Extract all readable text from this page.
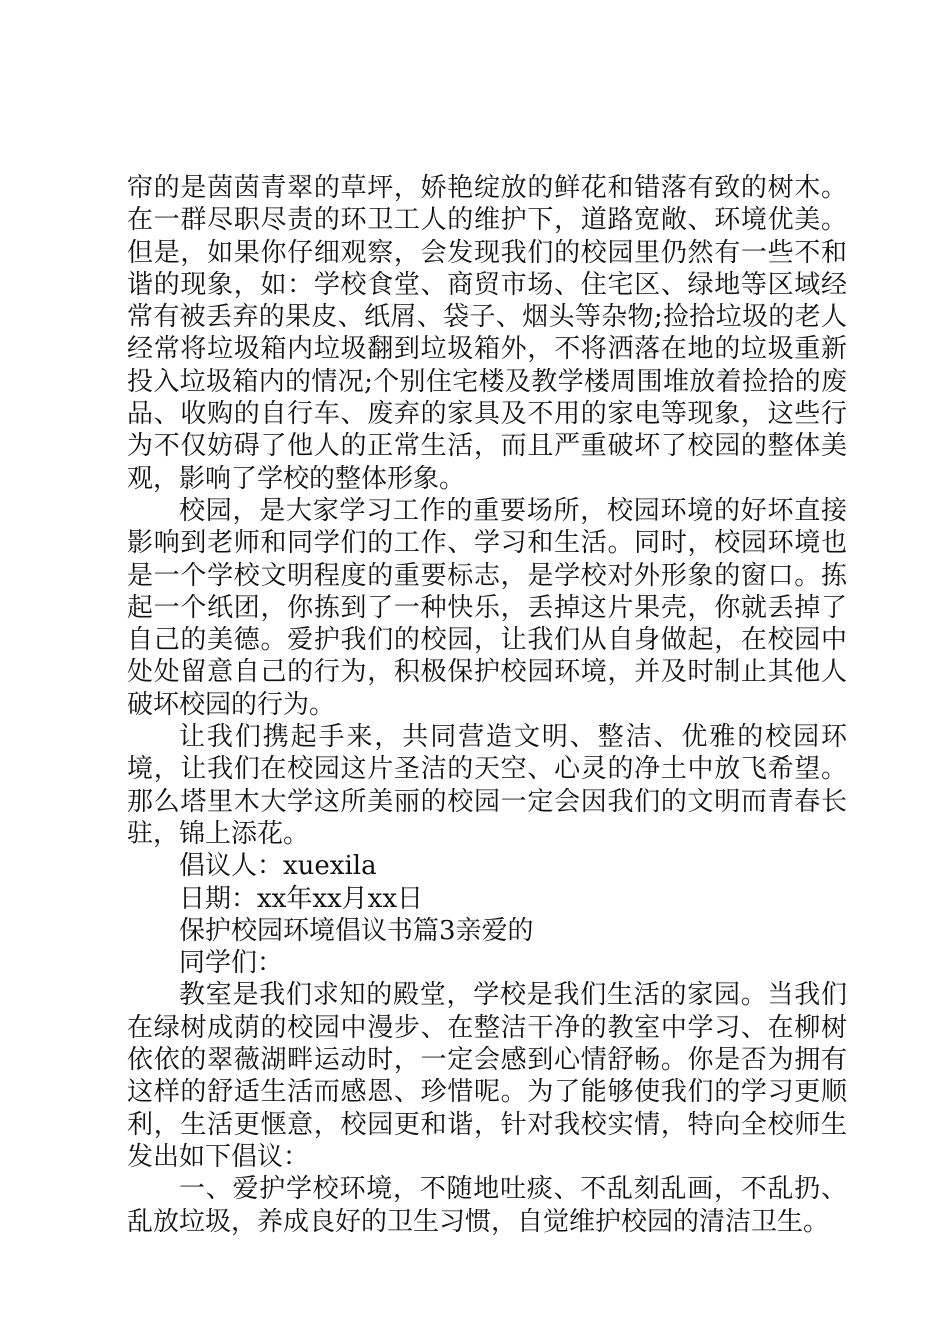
帘的是茵茵青翠的草坪，娇艳绽放的鲜花和错落有致的树木。在一群尽职尽责的环卫工人的维护下，道路宽敞、环境优美。但是，如果你仔细观察，会发现我们的校园里仍然有一些不和谐的现象，如：学校食堂、商贸市场、住宅区、绿地等区域经常有被丢弃的果皮、纸屑、袋子、烟头等杂物;捡拾垃圾的老人经常将垃圾箱内垃圾翻到垃圾箱外，不将洒落在地的垃圾重新投入垃圾箱内的情况;个别住宅楼及教学楼周围堆放着捡拾的废品、收购的自行车、废弃的家具及不用的家电等现象，这些行为不仅妨碍了他人的正常生活，而且严重破坏了校园的整体美观，影响了学校的整体形象。

校园，是大家学习工作的重要场所，校园环境的好坏直接影响到老师和同学们的工作、学习和生活。同时，校园环境也是一个学校文明程度的重要标志，是学校对外形象的窗口。拣起一个纸团，你拣到了一种快乐，丢掉这片果壳，你就丢掉了自己的美德。爱护我们的校园，让我们从自身做起，在校园中处处留意自己的行为，积极保护校园环境，并及时制止其他人破坏校园的行为。

让我们携起手来，共同营造文明、整洁、优雅的校园环境，让我们在校园这片圣洁的天空、心灵的净土中放飞希望。那么塔里木大学这所美丽的校园一定会因我们的文明而青春长驻，锦上添花。

倡议人：xuexila

日期：xx年xx月xx日

保护校园环境倡议书篇3亲爱的

同学们：

教室是我们求知的殿堂，学校是我们生活的家园。当我们在绿树成荫的校园中漫步、在整洁干净的教室中学习、在柳树依依的翠薇湖畔运动时，一定会感到心情舒畅。你是否为拥有这样的舒适生活而感恩、珍惜呢。为了能够使我们的学习更顺利，生活更惬意，校园更和谐，针对我校实情，特向全校师生发出如下倡议：

一、爱护学校环境，不随地吐痰、不乱刻乱画，不乱扔、乱放垃圾，养成良好的卫生习惯，自觉维护校园的清洁卫生。
